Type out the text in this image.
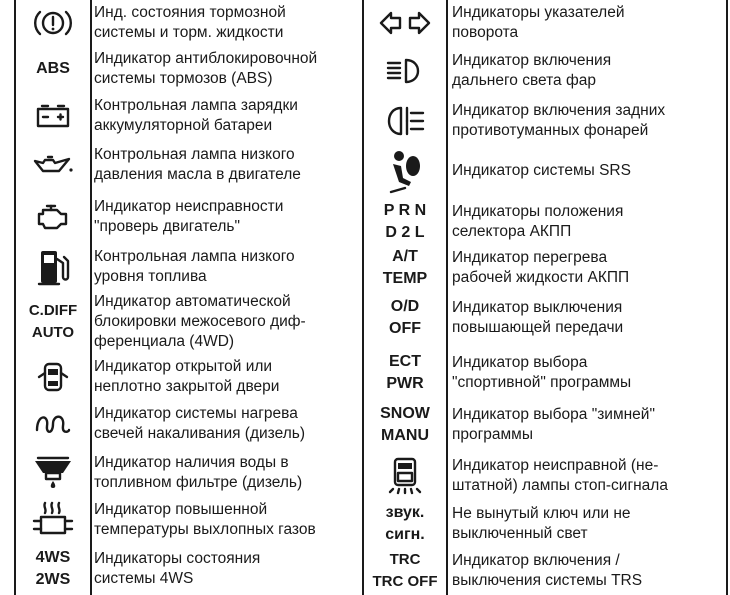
Инд. состояния тормозной
системы и торм. жидкости
ABS
Индикатор антиблокировочной
системы тормозов (ABS)
Контрольная лампа зарядки
аккумуляторной батареи
Контрольная лампа низкого
давления масла в двигателе
Индикатор неисправности
"проверь двигатель"
Контрольная лампа низкого
уровня топлива
C.DIFF
AUTO
Индикатор автоматической
блокировки межосевого диф-
ференциала (4WD)
Индикатор открытой или
неплотно закрытой двери
Индикатор системы нагрева
свечей накаливания (дизель)
Индикатор наличия воды в
топливном фильтре (дизель)
Индикатор повышенной
температуры выхлопных газов
4WS
2WS
Индикаторы состояния
системы 4WS
Индикаторы указателей
поворота
Индикатор включения
дальнего света фар
Индикатор включения задних
противотуманных фонарей
Индикатор системы SRS
P R N
D 2 L
Индикаторы положения
селектора АКПП
A/T
TEMP
Индикатор перегрева
рабочей жидкости АКПП
O/D
OFF
Индикатор выключения
повышающей передачи
ECT
PWR
Индикатор выбора
"спортивной" программы
SNOW
MANU
Индикатор выбора "зимней"
программы
Индикатор неисправной (не-
штатной) лампы стоп-сигнала
звук.
сигн.
Не вынутый ключ или не
выключенный свет
TRC
TRC OFF
Индикатор включения /
выключения системы TRS
